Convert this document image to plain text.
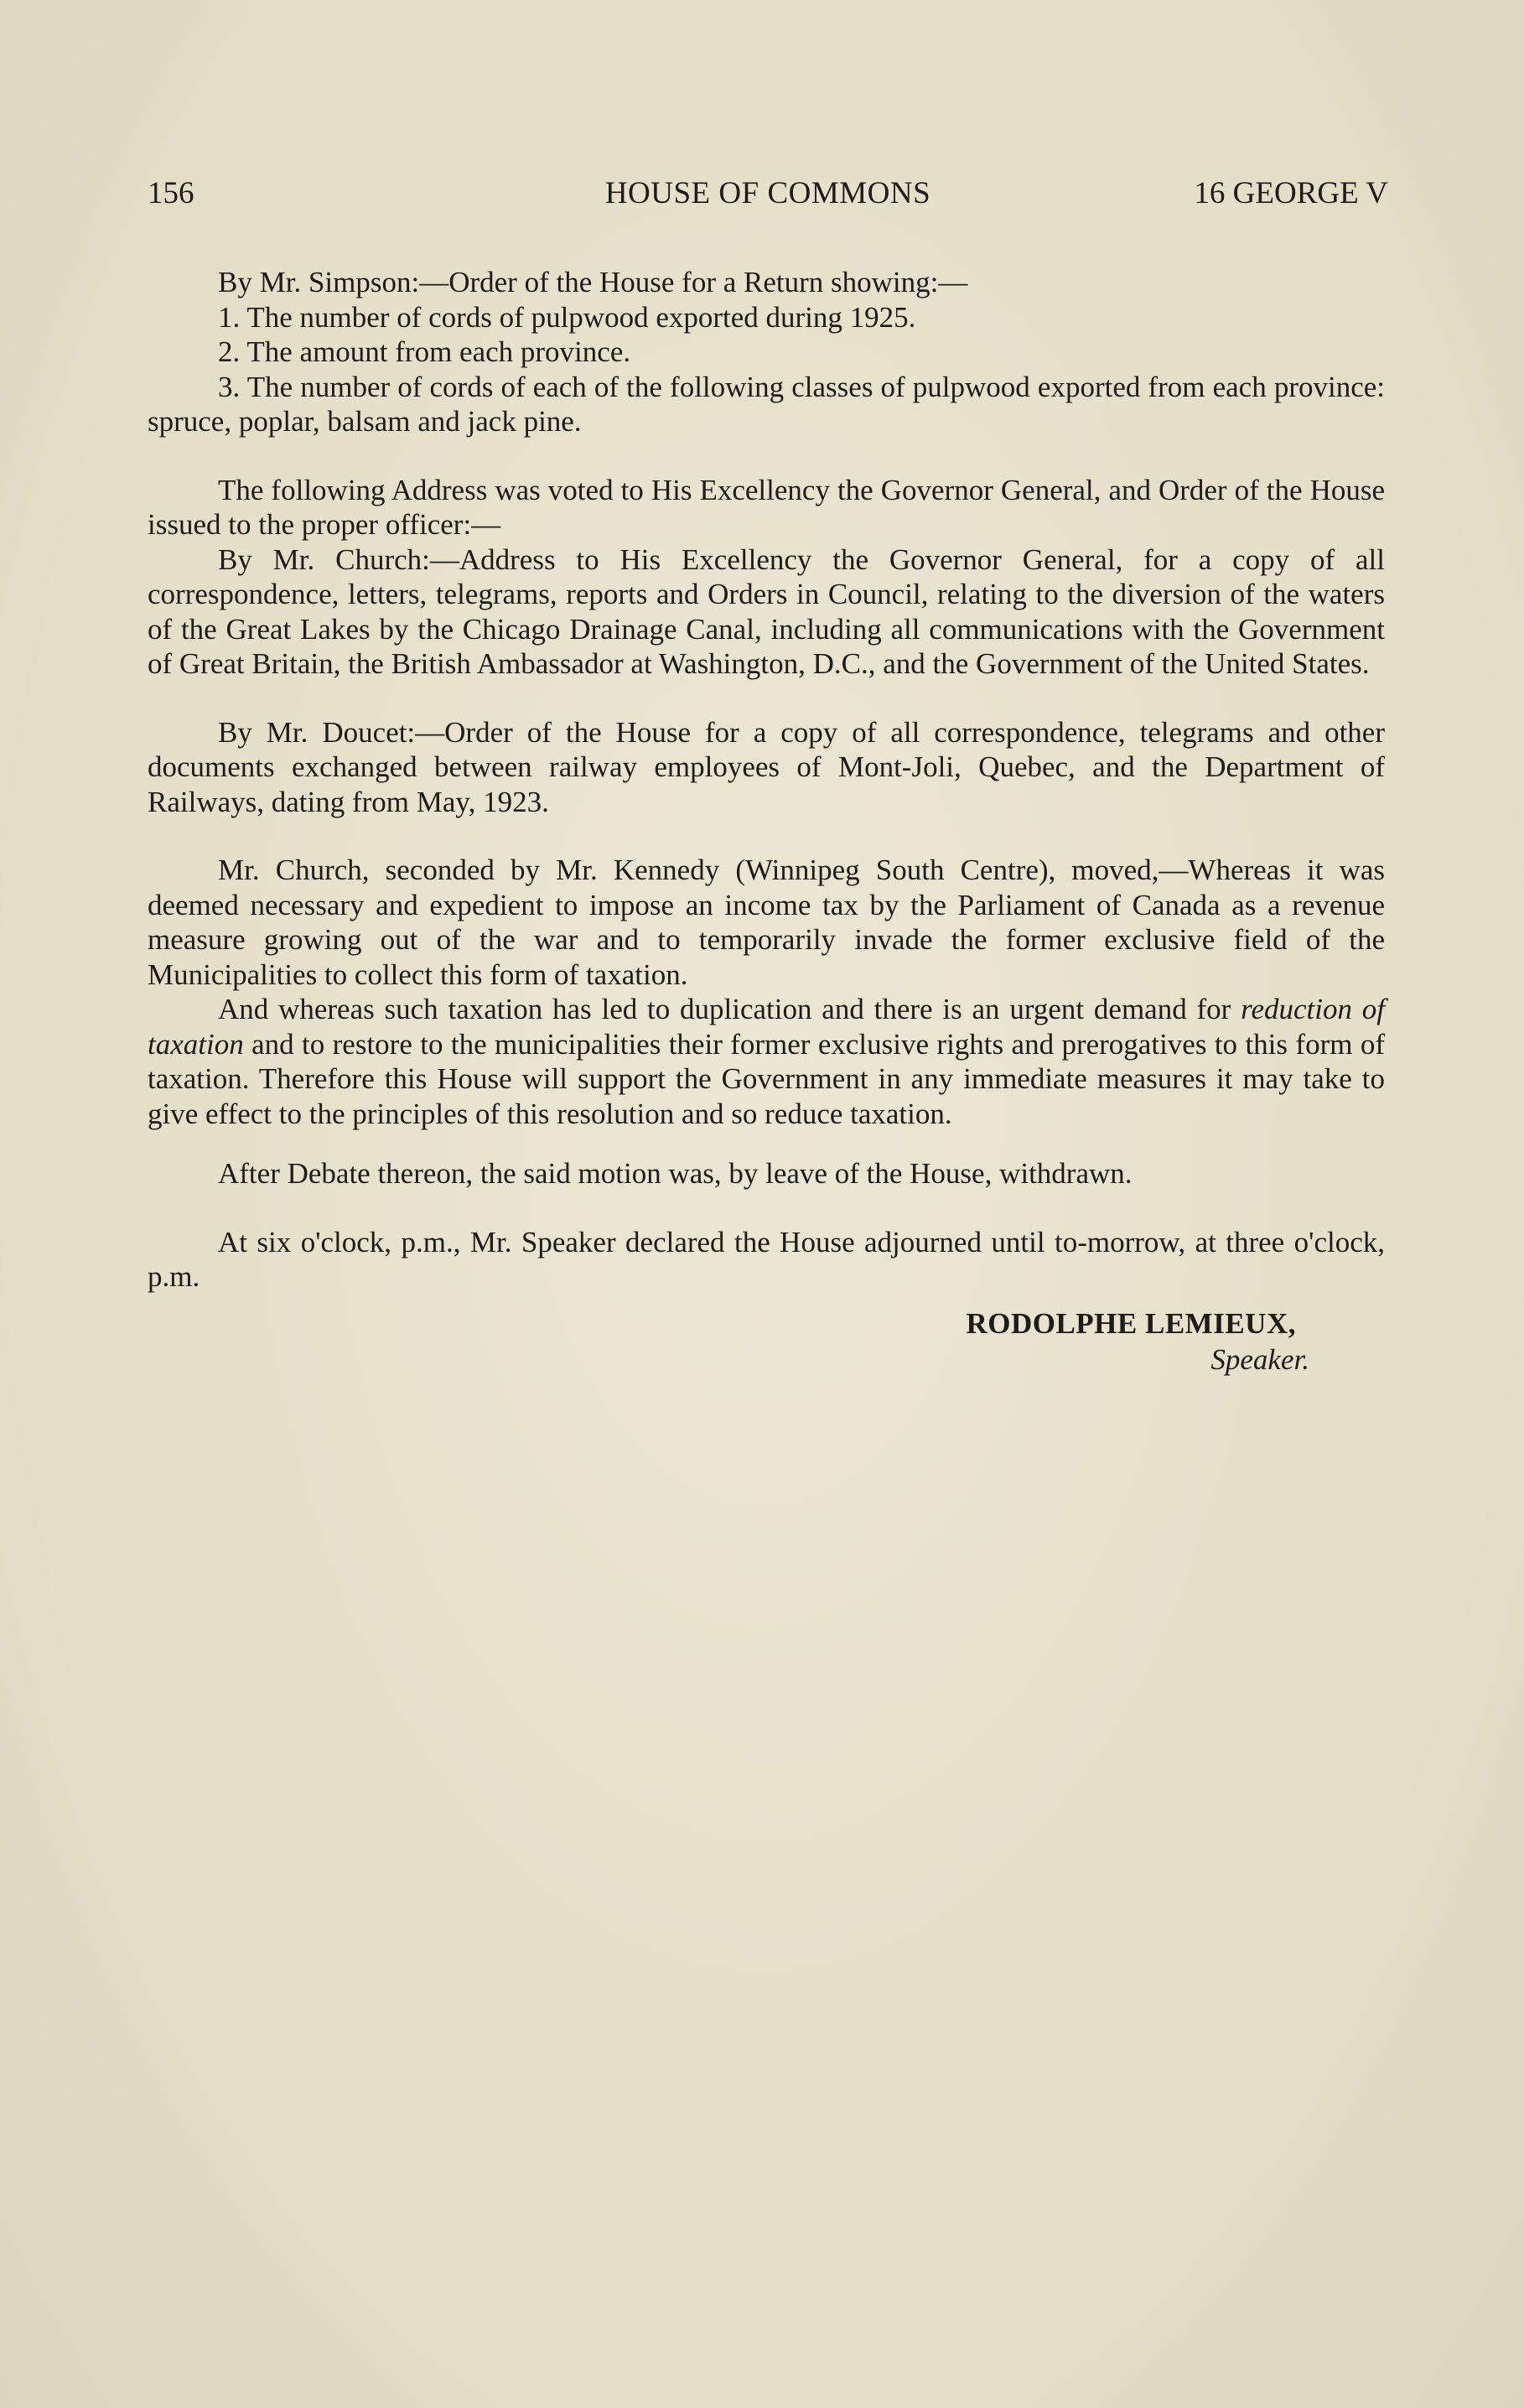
156	HOUSE OF COMMONS	16 GEORGE V

By Mr. Simpson:—Order of the House for a Return showing:—

1. The number of cords of pulpwood exported during 1925.

2. The amount from each province.

3. The number of cords of each of the following classes of pulpwood exported from each province: spruce, poplar, balsam and jack pine.

The following Address was voted to His Excellency the Governor General, and Order of the House issued to the proper officer:—

By Mr. Church:—Address to His Excellency the Governor General, for a copy of all correspondence, letters, telegrams, reports and Orders in Council, relating to the diversion of the waters of the Great Lakes by the Chicago Drainage Canal, including all communications with the Government of Great Britain, the British Ambassador at Washington, D.C., and the Government of the United States.

By Mr. Doucet:—Order of the House for a copy of all correspondence, telegrams and other documents exchanged between railway employees of Mont-Joli, Quebec, and the Department of Railways, dating from May, 1923.

Mr. Church, seconded by Mr. Kennedy (Winnipeg South Centre), moved,—Whereas it was deemed necessary and expedient to impose an income tax by the Parliament of Canada as a revenue measure growing out of the war and to temporarily invade the former exclusive field of the Municipalities to collect this form of taxation.

And whereas such taxation has led to duplication and there is an urgent demand for reduction of taxation and to restore to the municipalities their former exclusive rights and prerogatives to this form of taxation. Therefore this House will support the Government in any immediate measures it may take to give effect to the principles of this resolution and so reduce taxation.

After Debate thereon, the said motion was, by leave of the House, withdrawn.

At six o'clock, p.m., Mr. Speaker declared the House adjourned until to-morrow, at three o'clock, p.m.

RODOLPHE LEMIEUX,
Speaker.
